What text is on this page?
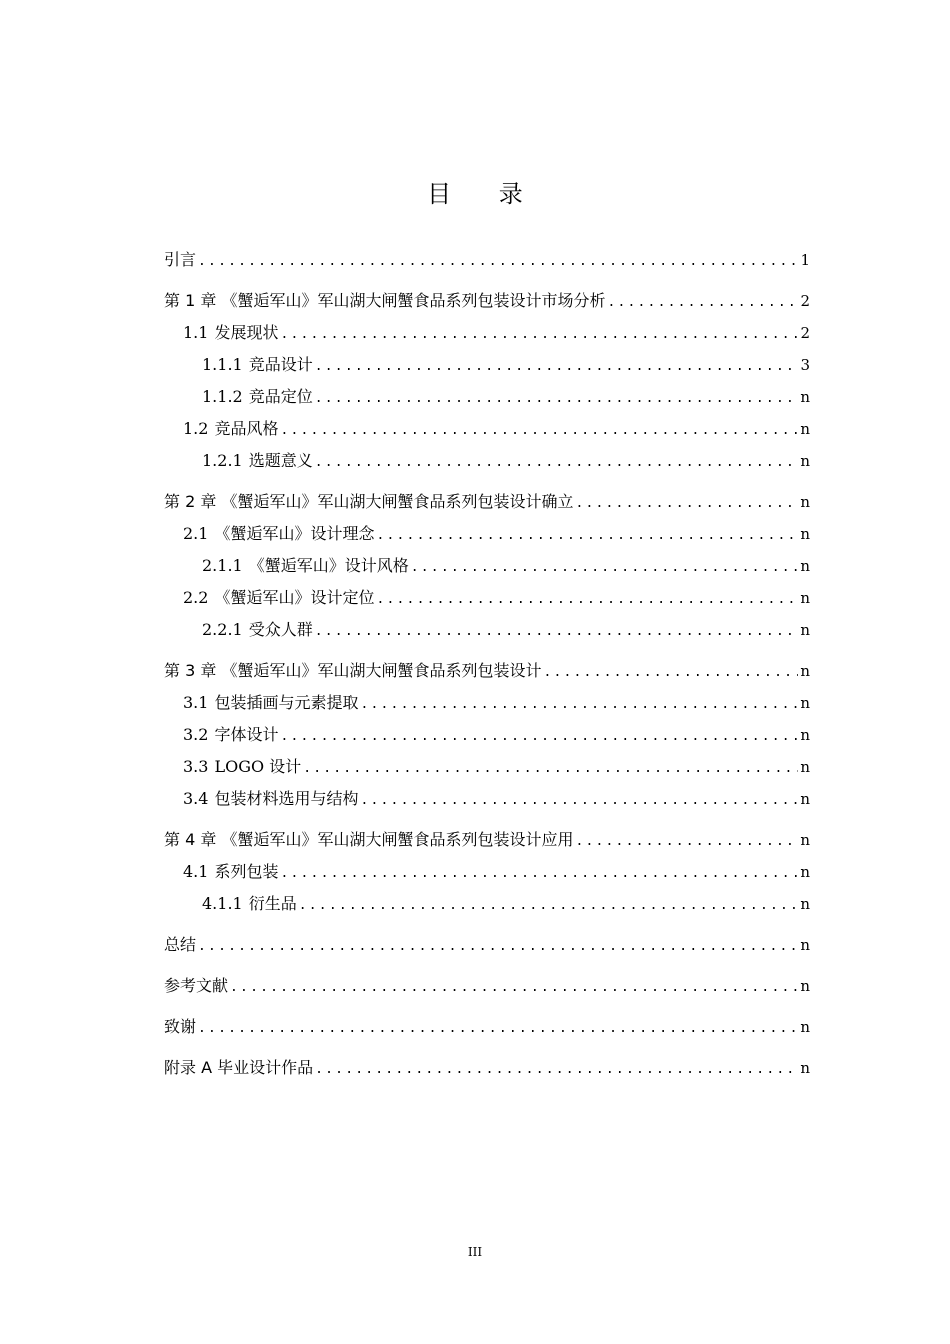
目 录
引言 .....	1
第 1 章 《蟹逅军山》军山湖大闸蟹食品系列包装设计市场分析 .....	2
1.1 发展现状 .....	2
1.1.1 竞品设计 .....	3
1.1.2 竞品定位 .....	n
1.2 竞品风格 .....	n
1.2.1 选题意义 .....	n
第 2 章 《蟹逅军山》军山湖大闸蟹食品系列包装设计确立 .....	n
2.1 《蟹逅军山》设计理念 .....	n
2.1.1 《蟹逅军山》设计风格 .....	n
2.2 《蟹逅军山》设计定位 .....	n
2.2.1 受众人群 .....	n
第 3 章 《蟹逅军山》军山湖大闸蟹食品系列包装设计 .....	n
3.1 包装插画与元素提取 .....	n
3.2 字体设计 .....	n
3.3 LOGO 设计 .....	n
3.4 包装材料选用与结构 .....	n
第 4 章 《蟹逅军山》军山湖大闸蟹食品系列包装设计应用 .....	n
4.1 系列包装 .....	n
4.1.1 衍生品 .....	n
总结 .....	n
参考文献 .....	n
致谢 .....	n
附录 A 毕业设计作品 .....	n
III
